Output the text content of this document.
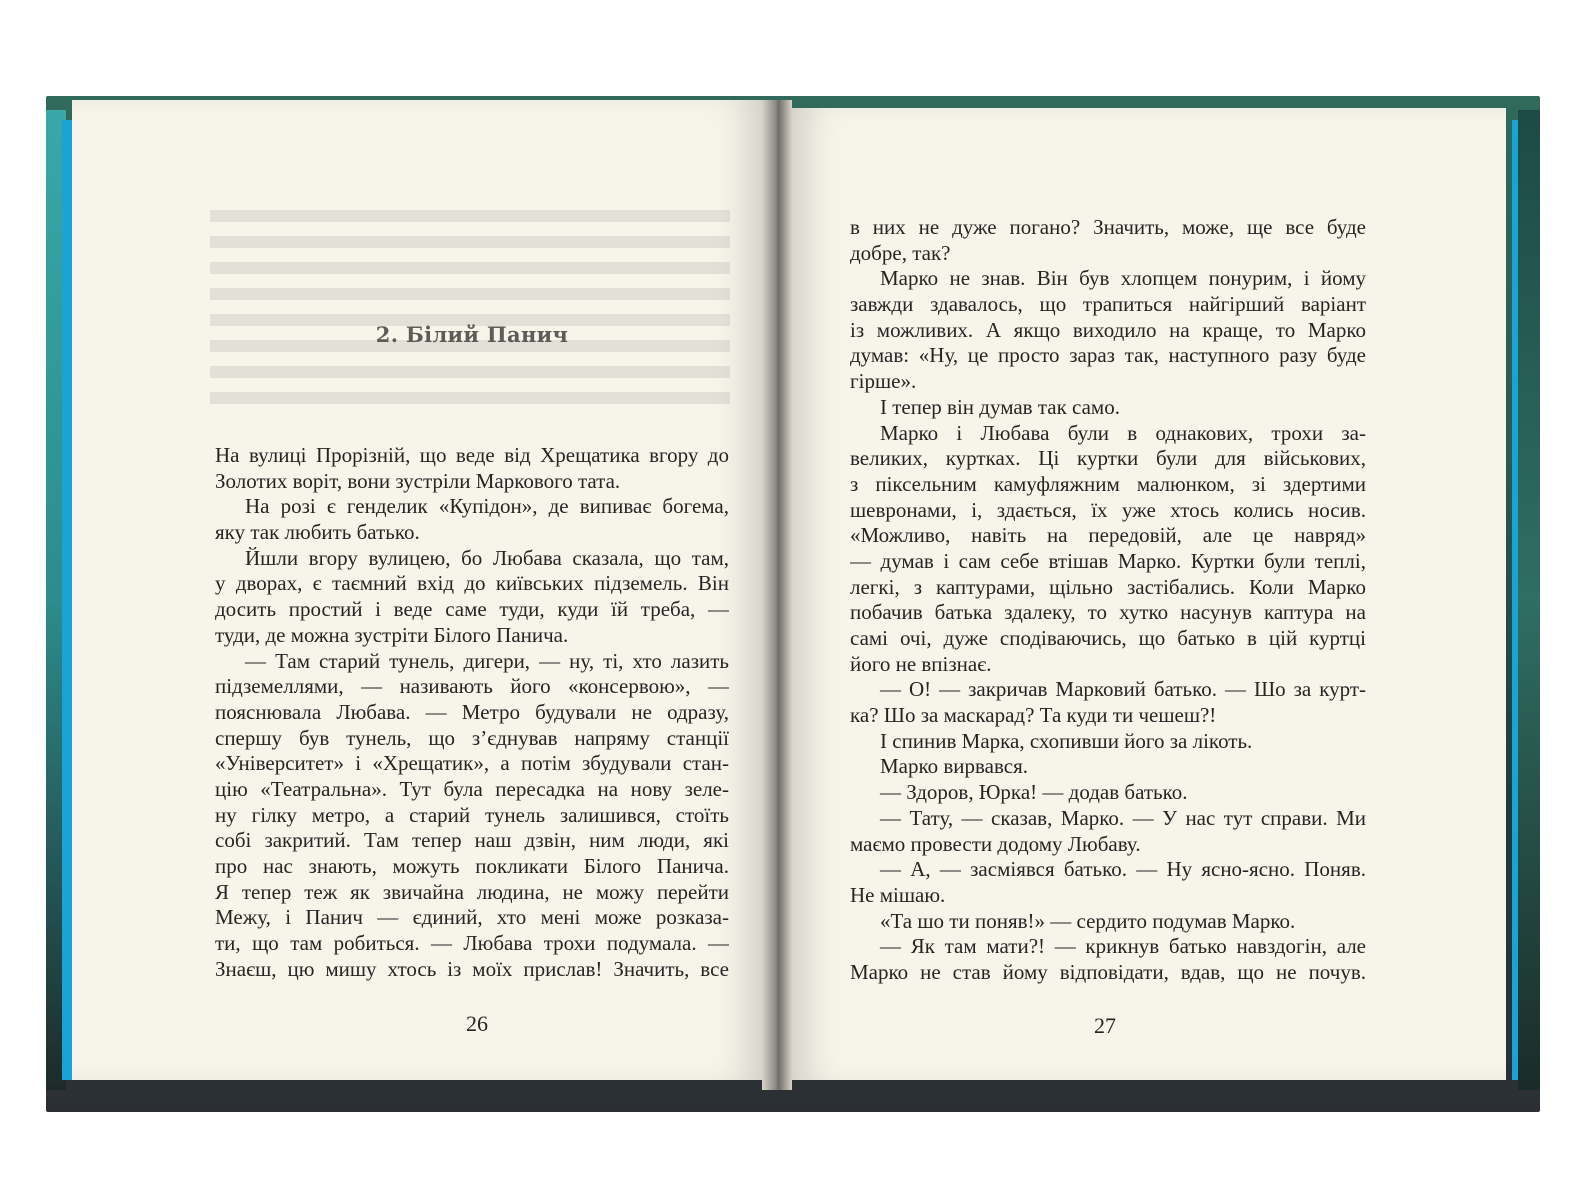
2. Білий Панич
На вулиці Прорізній, що веде від Хрещатика вгору до
Золотих воріт, вони зустріли Маркового тата.
На розі є генделик «Купідон», де випиває богема,
яку так любить батько.
Йшли вгору вулицею, бо Любава сказала, що там,
у дворах, є таємний вхід до київських підземель. Він
досить простий і веде саме туди, куди їй треба, —
туди, де можна зустріти Білого Панича.
— Там старий тунель, дигери, — ну, ті, хто лазить
підземеллями, — називають його «консервою», —
пояснювала Любава. — Метро будували не одразу,
спершу був тунель, що з’єднував напряму станції
«Університет» і «Хрещатик», а потім збудували стан-
цію «Театральна». Тут була пересадка на нову зеле-
ну гілку метро, а старий тунель залишився, стоїть
собі закритий. Там тепер наш дзвін, ним люди, які
про нас знають, можуть покликати Білого Панича.
Я тепер теж як звичайна людина, не можу перейти
Межу, і Панич — єдиний, хто мені може розказа-
ти, що там робиться. — Любава трохи подумала. —
Знаєш, цю мишу хтось із моїх прислав! Значить, все
в них не дуже погано? Значить, може, ще все буде
добре, так?
Марко не знав. Він був хлопцем понурим, і йому
завжди здавалось, що трапиться найгірший варіант
із можливих. А якщо виходило на краще, то Марко
думав: «Ну, це просто зараз так, наступного разу буде
гірше».
І тепер він думав так само.
Марко і Любава були в однакових, трохи за-
великих, куртках. Ці куртки були для військових,
з піксельним камуфляжним малюнком, зі здертими
шевронами, і, здається, їх уже хтось колись носив.
«Можливо, навіть на передовій, але це навряд»
— думав і сам себе втішав Марко. Куртки були теплі,
легкі, з каптурами, щільно застібались. Коли Марко
побачив батька здалеку, то хутко насунув каптура на
самі очі, дуже сподіваючись, що батько в цій куртці
його не впізнає.
— О! — закричав Марковий батько. — Шо за курт-
ка? Шо за маскарад? Та куди ти чешеш?!
І спинив Марка, схопивши його за лікоть.
Марко вирвався.
— Здоров, Юрка! — додав батько.
— Тату, — сказав, Марко. — У нас тут справи. Ми
маємо провести додому Любаву.
— А, — засміявся батько. — Ну ясно-ясно. Поняв.
Не мішаю.
«Та шо ти поняв!» — сердито подумав Марко.
— Як там мати?! — крикнув батько навздогін, але
Марко не став йому відповідати, вдав, що не почув.
26	27
